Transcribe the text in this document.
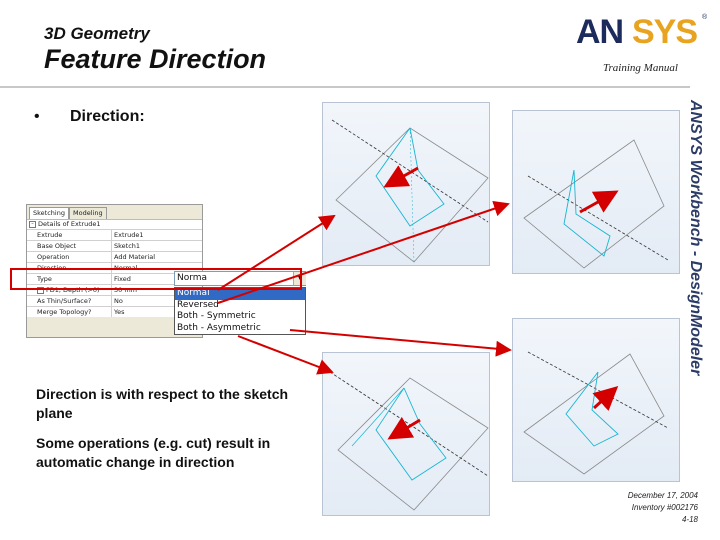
3D Geometry
Feature Direction
AN SYS ®
Training Manual
ANSYS Workbench - DesignModeler
• Direction:
Direction is with respect to the sketch plane
Some operations (e.g. cut) result in automatic change in direction
Sketching	Modeling
– Details of Extrude1
Extrude	Extrude1
Base Object	Sketch1
Operation	Add Material
Direction	Normal
Type	Fixed
FD1, Depth (>0)	30 mm
As Thin/Surface?	No
Merge Topology?	Yes
Norma	▼
Normal
Reversed
Both - Symmetric
Both - Asymmetric
December 17, 2004
Inventory #002176
4-18
